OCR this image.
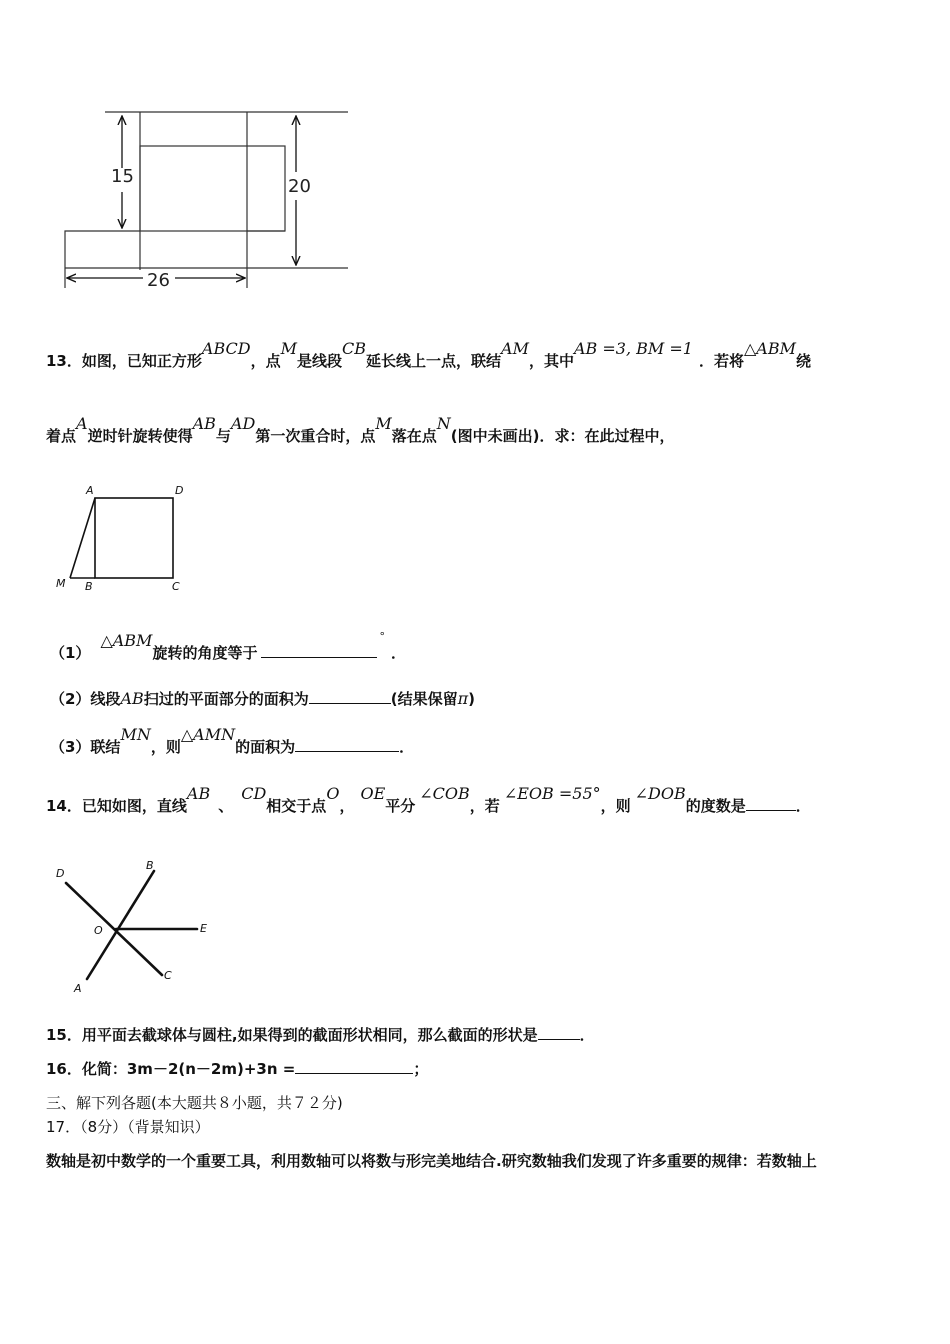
15	20
26
13．如图，已知正方形ABCD，点M是线段CB延长线上一点，联结AM，其中AB =3, BM =1．若将△ABM绕
着点A逆时针旋转使得AB与AD第一次重合时，点M落在点N(图中未画出)．求：在此过程中，
A	D
M B	C
（1）△ABM旋转的角度等于°．
（2）线段AB扫过的平面部分的面积为	(结果保留π)
（3）联结MN，则△AMN的面积为	．
14．已知如图，直线AB、CD相交于点O，OE平分∠COB，若∠EOB =55°，则∠DOB的度数是	．
D
B
O	E
A
C
15．用平面去截球体与圆柱,如果得到的截面形状相同，那么截面的形状是	．
16．化简：3m－2(n－2m)+3n =	；
三、解下列各题(本大题共８小题，共７２分)
17．（8分）（背景知识）
数轴是初中数学的一个重要工具，利用数轴可以将数与形完美地结合.研究数轴我们发现了许多重要的规律：若数轴上
